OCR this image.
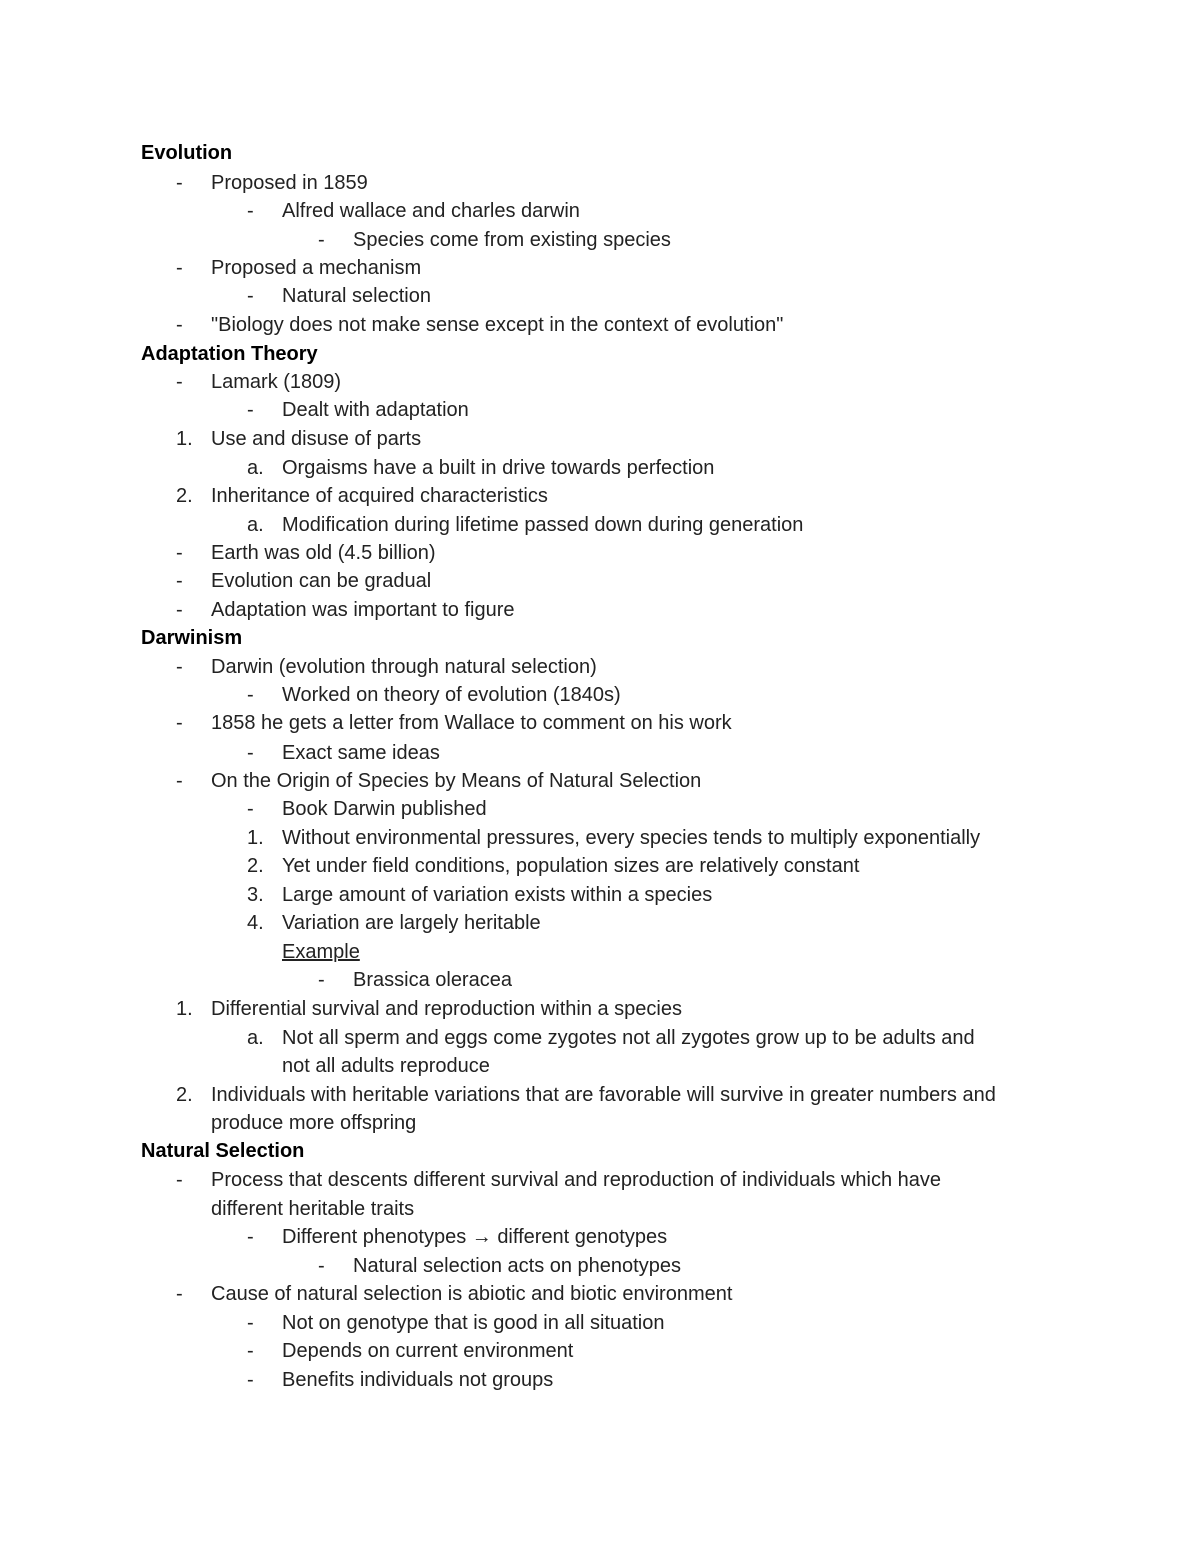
Evolution
- Proposed in 1859
- Alfred wallace and charles darwin
- Species come from existing species
- Proposed a mechanism
- Natural selection
- "Biology does not make sense except in the context of evolution"
Adaptation Theory
- Lamark (1809)
- Dealt with adaptation
1. Use and disuse of parts
a. Orgaisms have a built in drive towards perfection
2. Inheritance of acquired characteristics
a. Modification during lifetime passed down during generation
- Earth was old (4.5 billion)
- Evolution can be gradual
- Adaptation was important to figure
Darwinism
- Darwin (evolution through natural selection)
- Worked on theory of evolution (1840s)
- 1858 he gets a letter from Wallace to comment on his work
- Exact same ideas
- On the Origin of Species by Means of Natural Selection
- Book Darwin published
1. Without environmental pressures, every species tends to multiply exponentially
2. Yet under field conditions, population sizes are relatively constant
3. Large amount of variation exists within a species
4. Variation are largely heritable
Example
- Brassica oleracea
1. Differential survival and reproduction within a species
a. Not all sperm and eggs come zygotes not all zygotes grow up to be adults and
not all adults reproduce
2. Individuals with heritable variations that are favorable will survive in greater numbers and
produce more offspring
Natural Selection
- Process that descents different survival and reproduction of individuals which have
different heritable traits
- Different phenotypes → different genotypes
- Natural selection acts on phenotypes
- Cause of natural selection is abiotic and biotic environment
- Not on genotype that is good in all situation
- Depends on current environment
- Benefits individuals not groups
